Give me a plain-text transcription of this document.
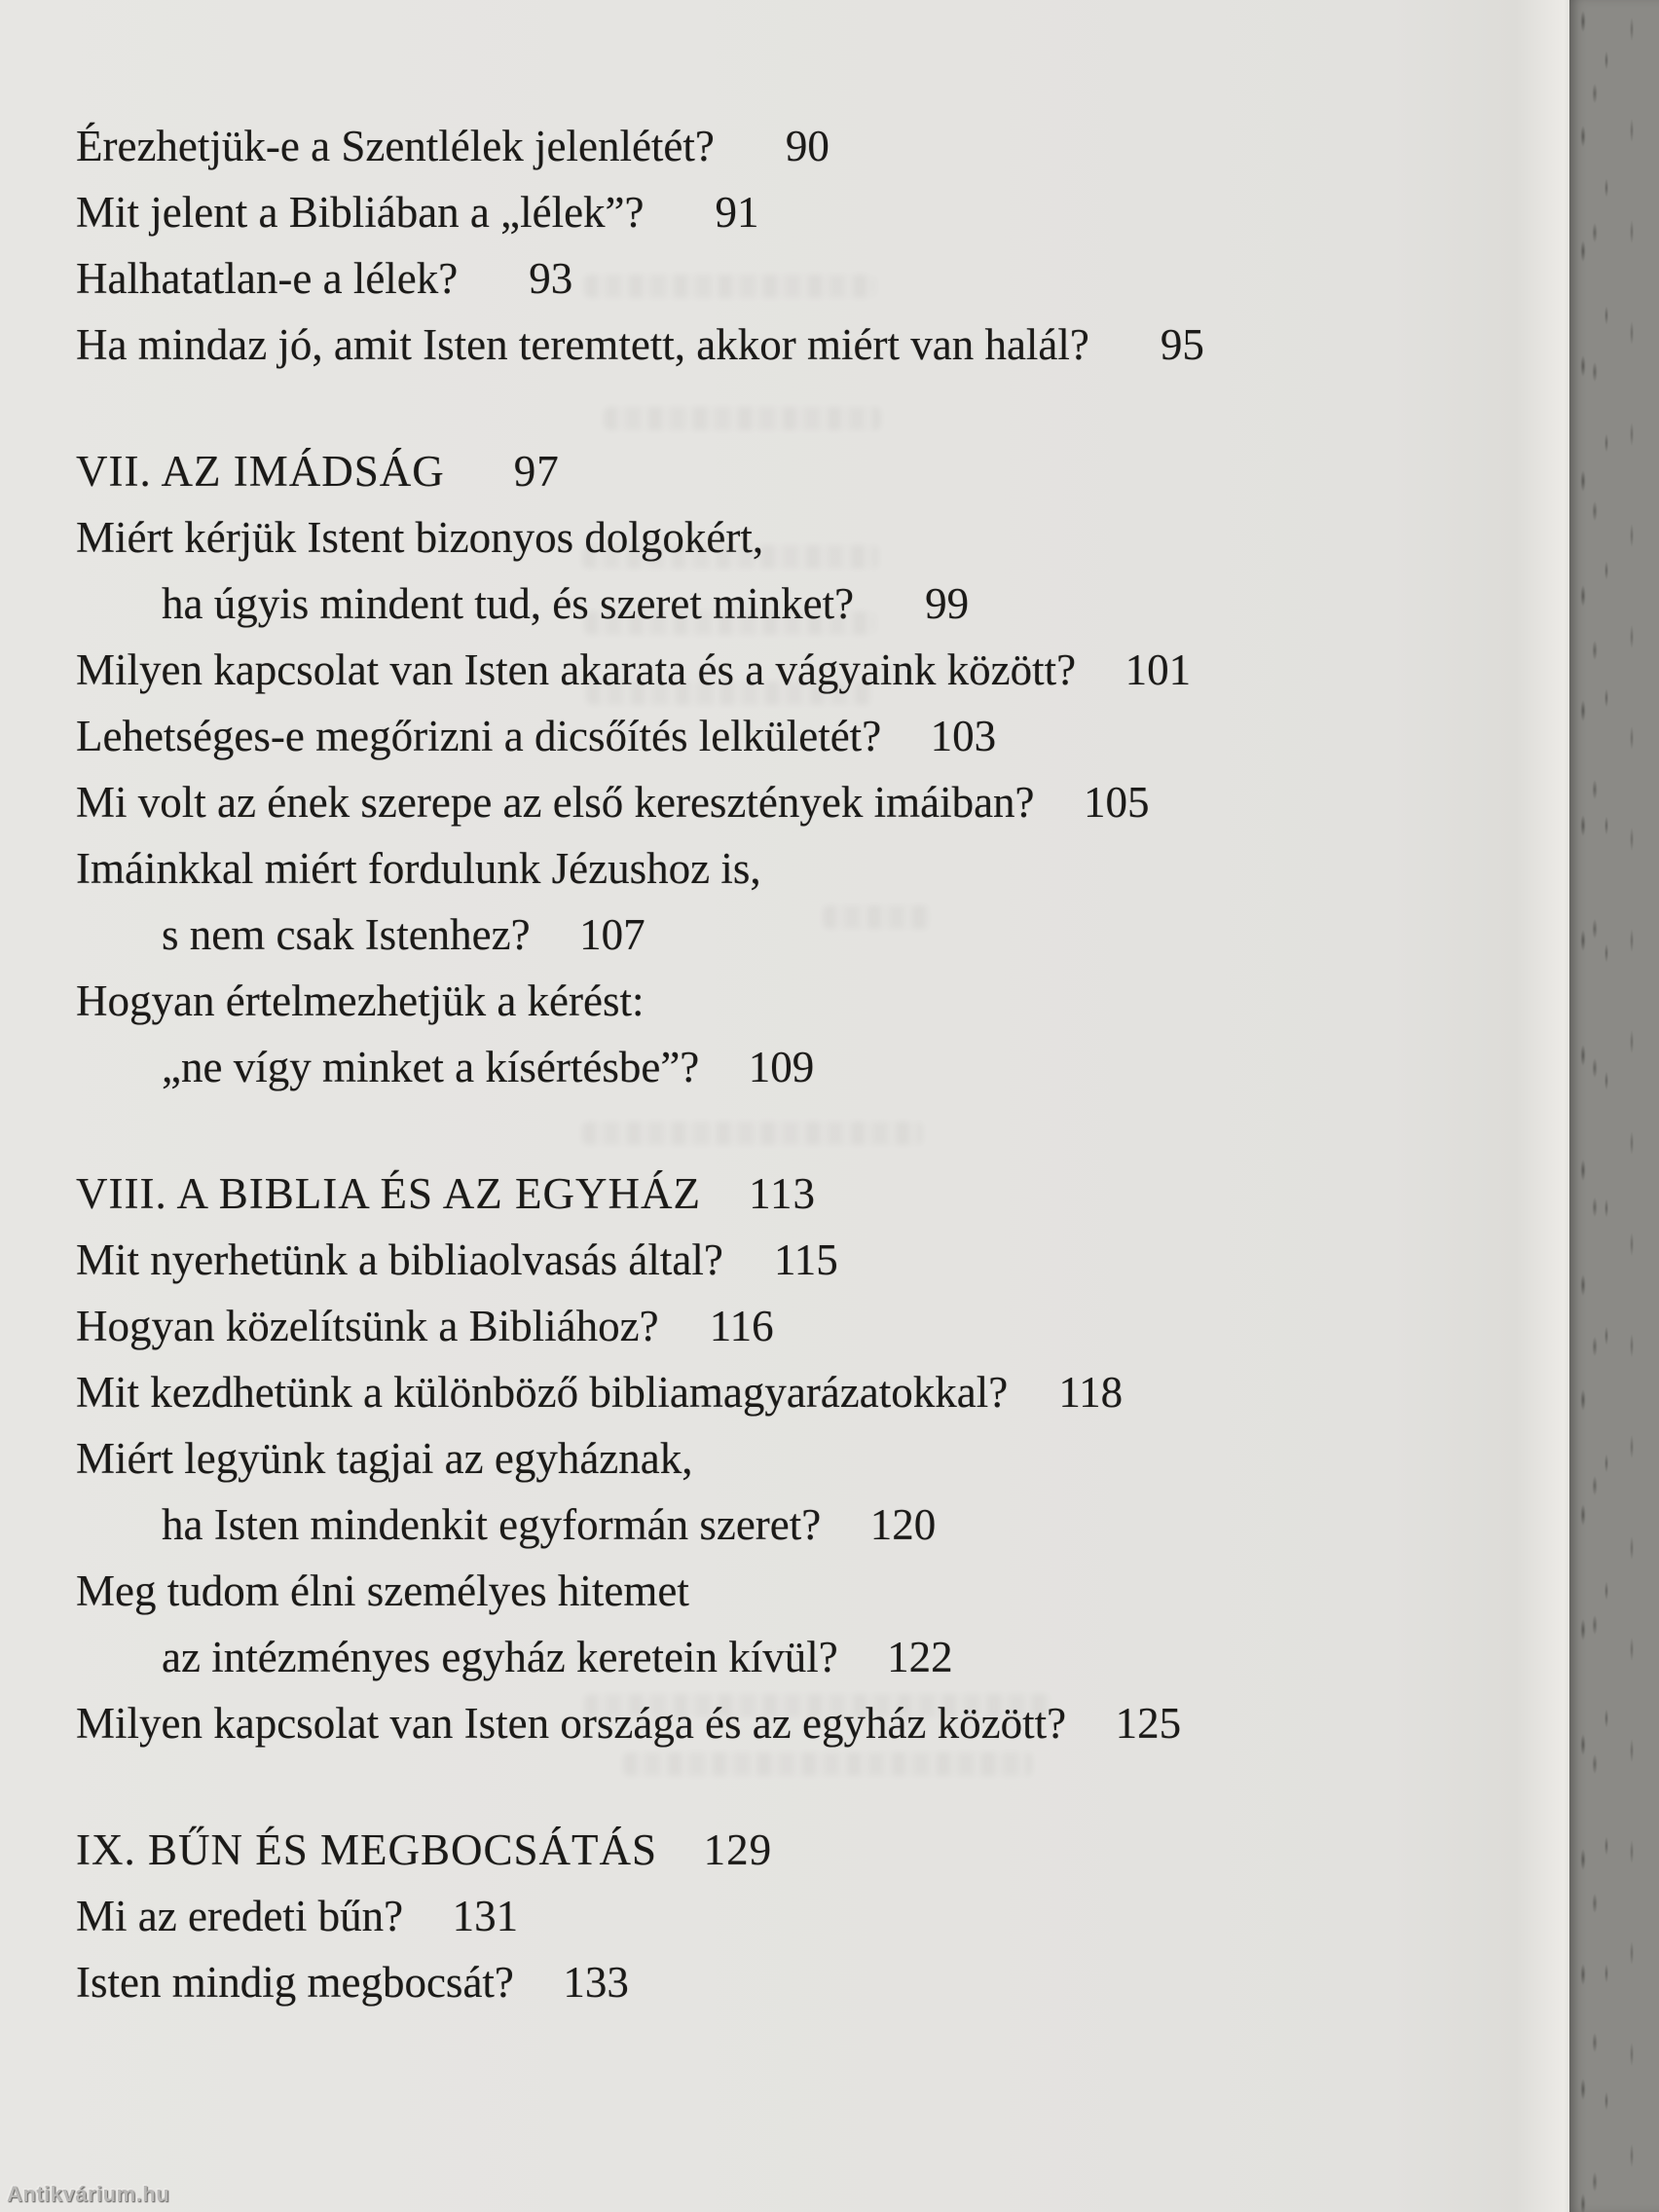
Érezhetjük-e a Szentlélek jelenlétét?	90
Mit jelent a Bibliában a „lélek”?	91
Halhatatlan-e a lélek?	93
Ha mindaz jó, amit Isten teremtett, akkor miért van halál?	95
VII. AZ IMÁDSÁG	97
Miért kérjük Istent bizonyos dolgokért,
ha úgyis mindent tud, és szeret minket?	99
Milyen kapcsolat van Isten akarata és a vágyaink között?	101
Lehetséges-e megőrizni a dicsőítés lelkületét?	103
Mi volt az ének szerepe az első keresztények imáiban?	105
Imáinkkal miért fordulunk Jézushoz is,
s nem csak Istenhez?	107
Hogyan értelmezhetjük a kérést:
„ne vígy minket a kísértésbe”?	109
VIII. A BIBLIA ÉS AZ EGYHÁZ	113
Mit nyerhetünk a bibliaolvasás által?	115
Hogyan közelítsünk a Bibliához?	116
Mit kezdhetünk a különböző bibliamagyarázatokkal?	118
Miért legyünk tagjai az egyháznak,
ha Isten mindenkit egyformán szeret?	120
Meg tudom élni személyes hitemet
az intézményes egyház keretein kívül?	122
Milyen kapcsolat van Isten országa és az egyház között?	125
IX. BŰN ÉS MEGBOCSÁTÁS	129
Mi az eredeti bűn?	131
Isten mindig megbocsát?	133
Antikvárium.hu
